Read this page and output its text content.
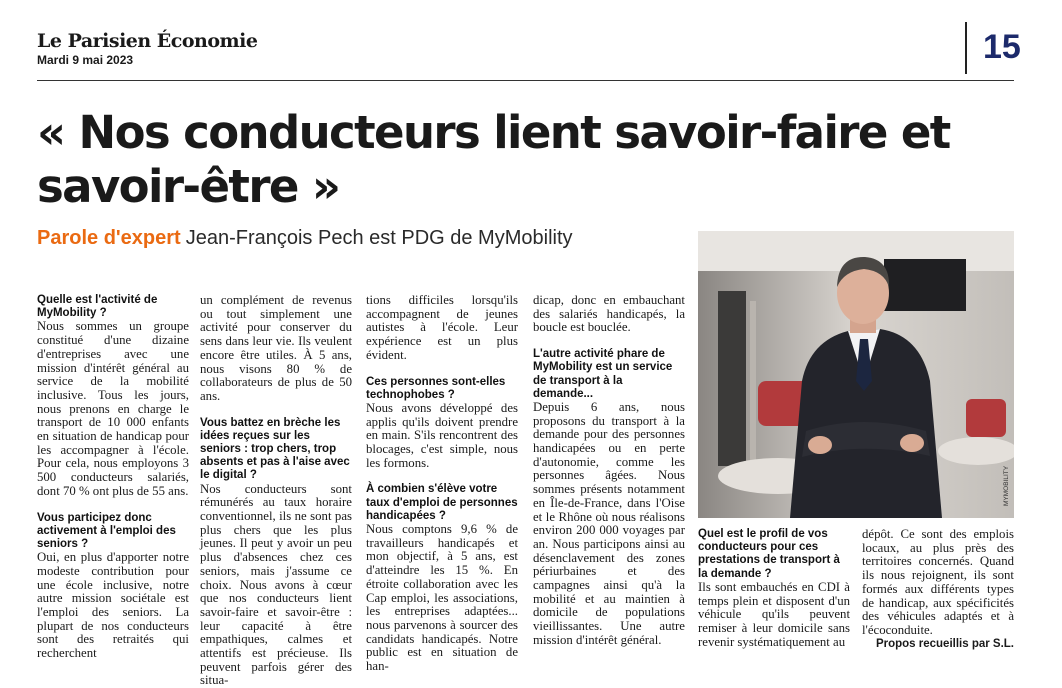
Le Parisien Économie
Mardi 9 mai 2023	15
« Nos conducteurs lient savoir-faire et savoir-être »
Parole d'expert Jean-François Pech est PDG de MyMobility

Quelle est l'activité de MyMobility ?

Nous sommes un groupe constitué d'une dizaine d'entreprises avec une mission d'intérêt général au service de la mobilité inclusive. Tous les jours, nous prenons en charge le transport de 10 000 enfants en situation de handicap pour les accompagner à l'école. Pour cela, nous employons 3 500 conducteurs salariés, dont 70 % ont plus de 55 ans.

Vous participez donc activement à l'emploi des seniors ?

Oui, en plus d'apporter notre modeste contribution pour une école inclusive, notre autre mission sociétale est l'emploi des seniors. La plupart de nos conducteurs sont des retraités qui recherchent

un complément de revenus ou tout simplement une activité pour conserver du sens dans leur vie. Ils veulent encore être utiles. À 5 ans, nous visons 80 % de collaborateurs de plus de 50 ans.

Vous battez en brèche les idées reçues sur les seniors : trop chers, trop absents et pas à l'aise avec le digital ?

Nos conducteurs sont rémunérés au taux horaire conventionnel, ils ne sont pas plus chers que les plus jeunes. Il peut y avoir un peu plus d'absences chez ces seniors, mais j'assume ce choix. Nous avons à cœur que nos conducteurs lient savoir-faire et savoir-être : leur capacité à être empathiques, calmes et attentifs est précieuse. Ils peuvent parfois gérer des situa-

tions difficiles lorsqu'ils accompagnent de jeunes autistes à l'école. Leur expérience est un plus évident.

Ces personnes sont-elles technophobes ?

Nous avons développé des applis qu'ils doivent prendre en main. S'ils rencontrent des blocages, c'est simple, nous les formons.

À combien s'élève votre taux d'emploi de personnes handicapées ?

Nous comptons 9,6 % de travailleurs handicapés et mon objectif, à 5 ans, est d'atteindre les 15 %. En étroite collaboration avec les Cap emploi, les associations, les entreprises adaptées... nous parvenons à sourcer des candidats handicapés. Notre public est en situation de han-

dicap, donc en embauchant des salariés handicapés, la boucle est bouclée.

L'autre activité phare de MyMobility est un service de transport à la demande...

Depuis 6 ans, nous proposons du transport à la demande pour des personnes handicapées ou en perte d'autonomie, comme les personnes âgées. Nous sommes présents notamment en Île-de-France, dans l'Oise et le Rhône où nous réalisons environ 200 000 voyages par an. Nous participons ainsi au désenclavement des zones périurbaines et des campagnes ainsi qu'à la mobilité et au maintien à domicile de populations vieillissantes. Une autre mission d'intérêt général.

Quel est le profil de vos conducteurs pour ces prestations de transport à la demande ?

Ils sont embauchés en CDI à temps plein et disposent d'un véhicule qu'ils peuvent remiser à leur domicile sans revenir systématiquement au

dépôt. Ce sont des emplois locaux, au plus près des territoires concernés. Quand ils nous rejoignent, ils sont formés aux différents types de handicap, aux spécificités des véhicules adaptés et à l'écoconduite.

Propos recueillis par S.L.

MYMOBILITY
